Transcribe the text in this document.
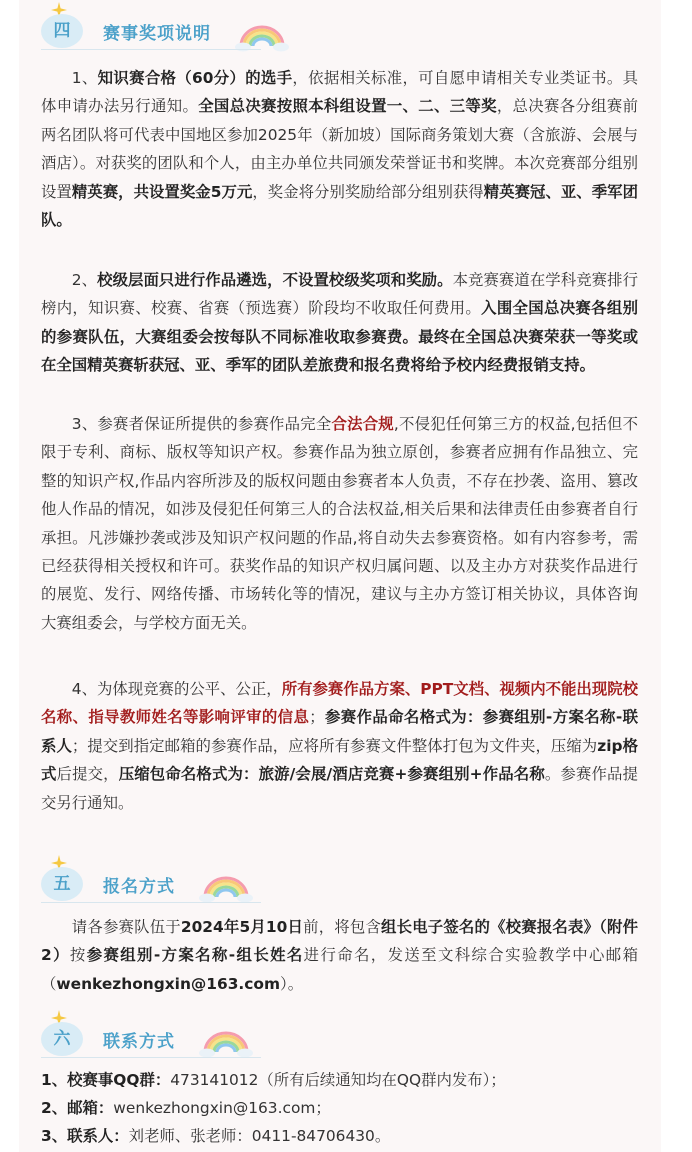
四	赛事奖项说明

1、知识赛合格（60分）的选手，依据相关标准，可自愿申请相关专业类证书。具体申请办法另行通知。全国总决赛按照本科组设置一、二、三等奖，总决赛各分组赛前两名团队将可代表中国地区参加2025年（新加坡）国际商务策划大赛（含旅游、会展与酒店）。对获奖的团队和个人，由主办单位共同颁发荣誉证书和奖牌。本次竞赛部分组别设置精英赛，共设置奖金5万元，奖金将分别奖励给部分组别获得精英赛冠、亚、季军团队。

2、校级层面只进行作品遴选，不设置校级奖项和奖励。本竞赛赛道在学科竞赛排行榜内，知识赛、校赛、省赛（预选赛）阶段均不收取任何费用。入围全国总决赛各组别的参赛队伍，大赛组委会按每队不同标准收取参赛费。最终在全国总决赛荣获一等奖或在全国精英赛斩获冠、亚、季军的团队差旅费和报名费将给予校内经费报销支持。

3、参赛者保证所提供的参赛作品完全合法合规,不侵犯任何第三方的权益,包括但不限于专利、商标、版权等知识产权。参赛作品为独立原创，参赛者应拥有作品独立、完整的知识产权,作品内容所涉及的版权问题由参赛者本人负责，不存在抄袭、盗用、篡改他人作品的情况，如涉及侵犯任何第三人的合法权益,相关后果和法律责任由参赛者自行承担。凡涉嫌抄袭或涉及知识产权问题的作品,将自动失去参赛资格。如有内容参考，需已经获得相关授权和许可。获奖作品的知识产权归属问题、以及主办方对获奖作品进行的展览、发行、网络传播、市场转化等的情况，建议与主办方签订相关协议，具体咨询大赛组委会，与学校方面无关。

4、为体现竞赛的公平、公正，所有参赛作品方案、PPT文档、视频内不能出现院校名称、指导教师姓名等影响评审的信息；参赛作品命名格式为：参赛组别-方案名称-联系人；提交到指定邮箱的参赛作品，应将所有参赛文件整体打包为文件夹，压缩为zip格式后提交，压缩包命名格式为：旅游/会展/酒店竞赛+参赛组别+作品名称。参赛作品提交另行通知。

五	报名方式

请各参赛队伍于2024年5月10日前，将包含组长电子签名的《校赛报名表》（附件2）按参赛组别-方案名称-组长姓名进行命名，发送至文科综合实验教学中心邮箱（wenkezhongxin@163.com）。

六	联系方式
1、校赛事QQ群：473141012（所有后续通知均在QQ群内发布）；
2、邮箱：wenkezhongxin@163.com；
3、联系人：刘老师、张老师：0411-84706430。
